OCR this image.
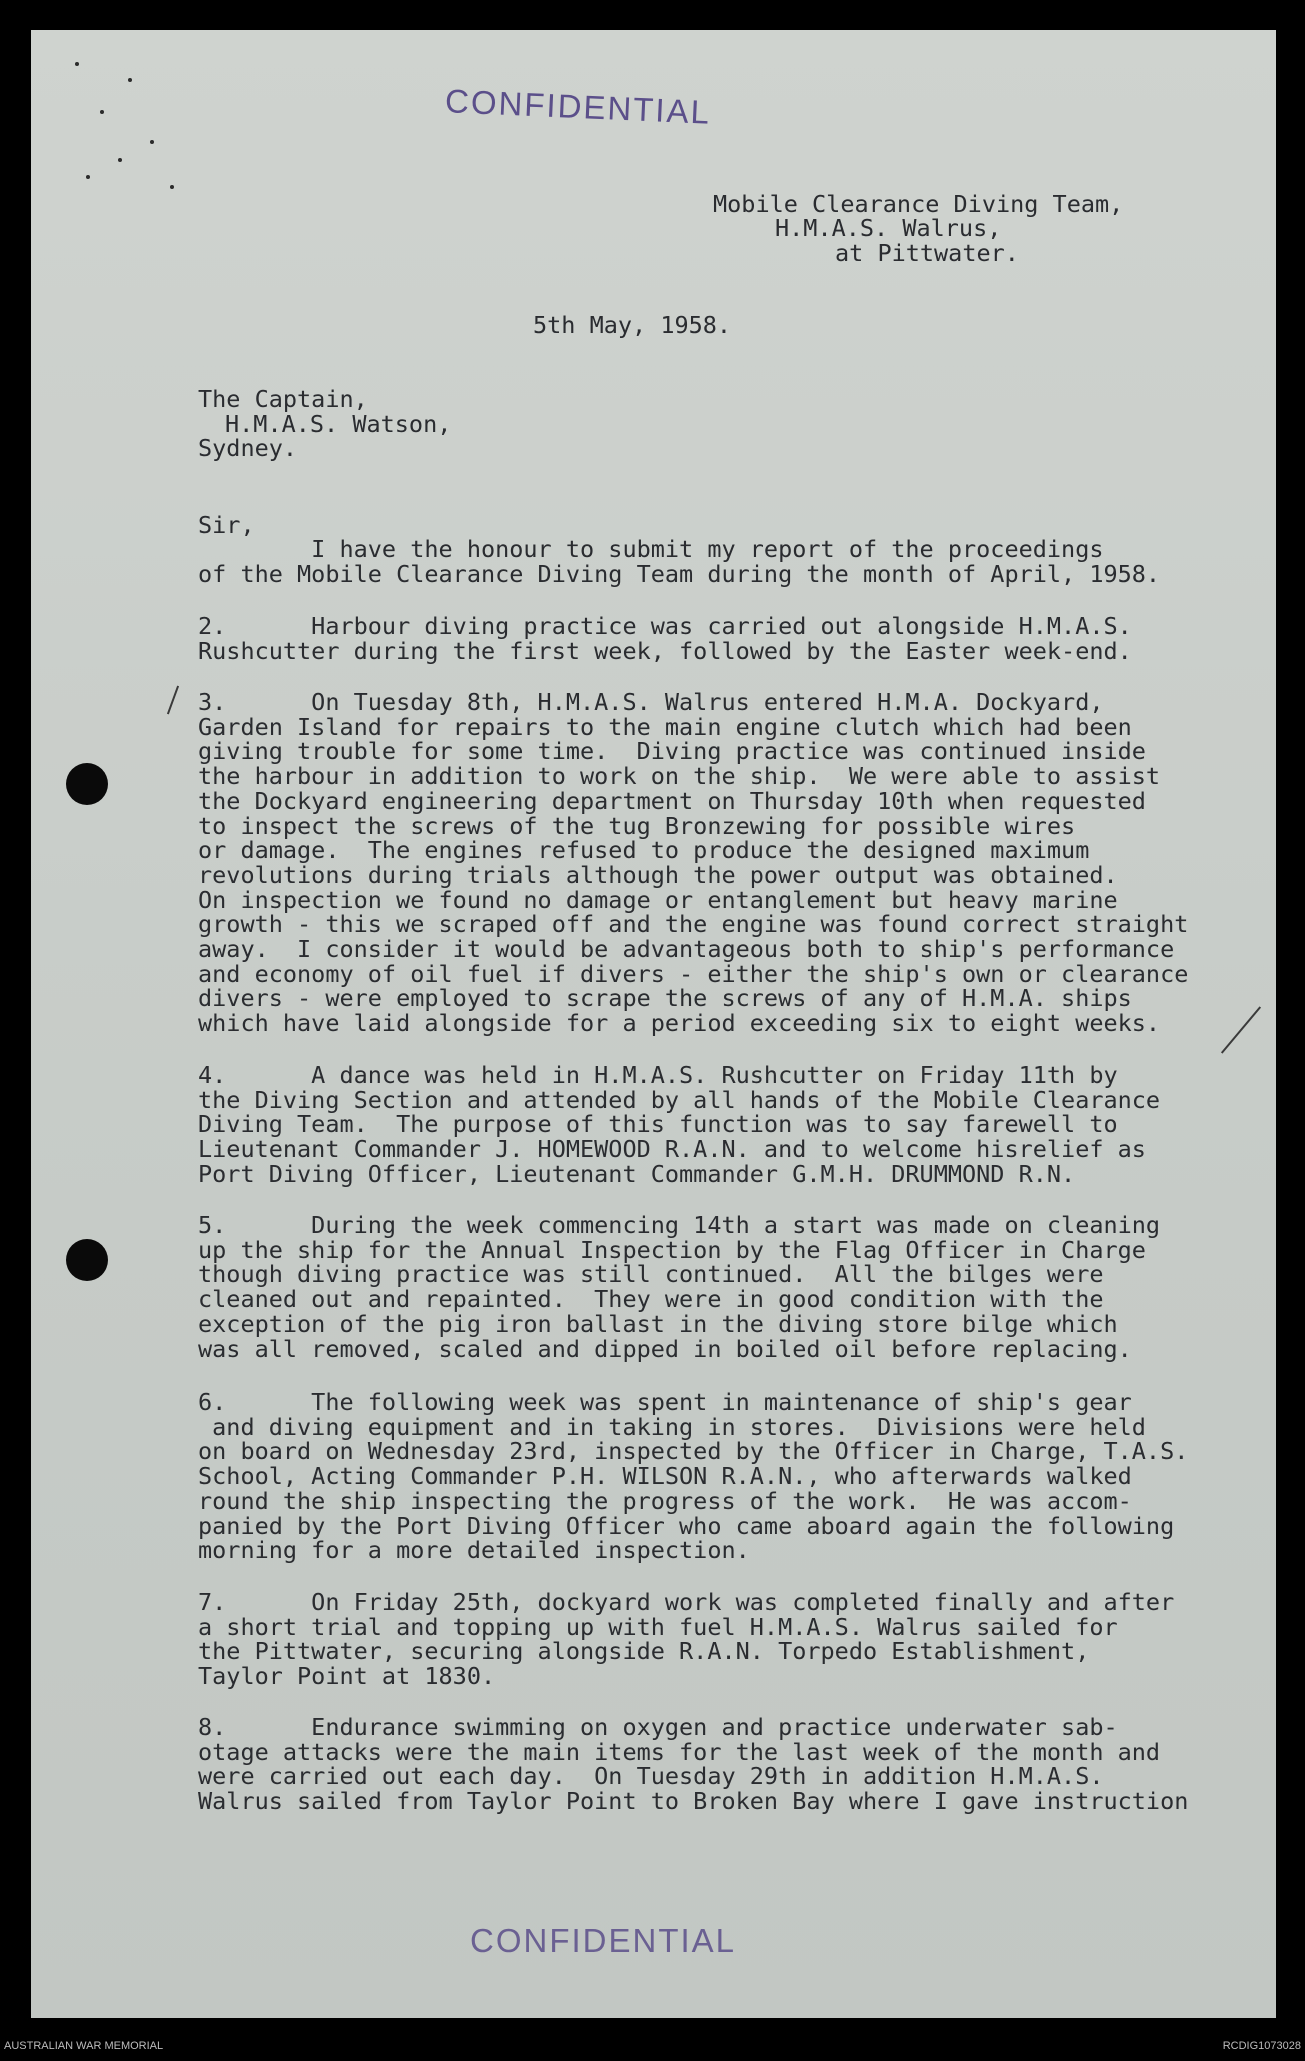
CONFIDENTIAL
CONFIDENTIAL
Mobile Clearance Diving Team,
H.M.A.S. Walrus,
at Pittwater.
5th May, 1958.
The Captain,
H.M.A.S. Watson,
Sydney.
Sir,
I have the honour to submit my report of the proceedings
of the Mobile Clearance Diving Team during the month of April, 1958.
2.      Harbour diving practice was carried out alongside H.M.A.S.
Rushcutter during the first week, followed by the Easter week-end.
3.      On Tuesday 8th, H.M.A.S. Walrus entered H.M.A. Dockyard,
Garden Island for repairs to the main engine clutch which had been
giving trouble for some time.  Diving practice was continued inside
the harbour in addition to work on the ship.  We were able to assist
the Dockyard engineering department on Thursday 10th when requested
to inspect the screws of the tug Bronzewing for possible wires
or damage.  The engines refused to produce the designed maximum
revolutions during trials although the power output was obtained.
On inspection we found no damage or entanglement but heavy marine
growth - this we scraped off and the engine was found correct straight
away.  I consider it would be advantageous both to ship's performance
and economy of oil fuel if divers - either the ship's own or clearance
divers - were employed to scrape the screws of any of H.M.A. ships
which have laid alongside for a period exceeding six to eight weeks.
4.      A dance was held in H.M.A.S. Rushcutter on Friday 11th by
the Diving Section and attended by all hands of the Mobile Clearance
Diving Team.  The purpose of this function was to say farewell to
Lieutenant Commander J. HOMEWOOD R.A.N. and to welcome hisrelief as
Port Diving Officer, Lieutenant Commander G.M.H. DRUMMOND R.N.
5.      During the week commencing 14th a start was made on cleaning
up the ship for the Annual Inspection by the Flag Officer in Charge
though diving practice was still continued.  All the bilges were
cleaned out and repainted.  They were in good condition with the
exception of the pig iron ballast in the diving store bilge which
was all removed, scaled and dipped in boiled oil before replacing.
6.      The following week was spent in maintenance of ship's gear
and diving equipment and in taking in stores.  Divisions were held
on board on Wednesday 23rd, inspected by the Officer in Charge, T.A.S.
School, Acting Commander P.H. WILSON R.A.N., who afterwards walked
round the ship inspecting the progress of the work.  He was accom-
panied by the Port Diving Officer who came aboard again the following
morning for a more detailed inspection.
7.      On Friday 25th, dockyard work was completed finally and after
a short trial and topping up with fuel H.M.A.S. Walrus sailed for
the Pittwater, securing alongside R.A.N. Torpedo Establishment,
Taylor Point at 1830.
8.      Endurance swimming on oxygen and practice underwater sab-
otage attacks were the main items for the last week of the month and
were carried out each day.  On Tuesday 29th in addition H.M.A.S.
Walrus sailed from Taylor Point to Broken Bay where I gave instruction
AUSTRALIAN WAR MEMORIAL	RCDIG1073028
